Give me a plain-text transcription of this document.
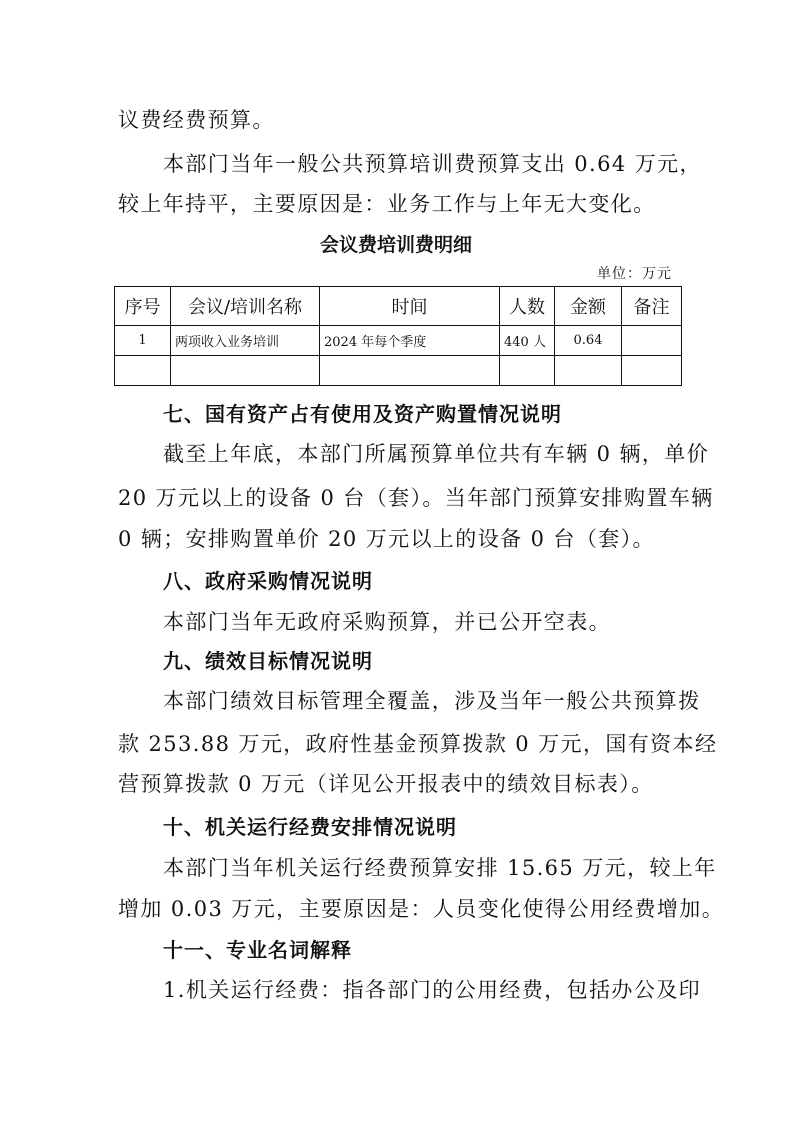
议费经费预算。
本部门当年一般公共预算培训费预算支出 0.64 万元，
较上年持平，主要原因是：业务工作与上年无大变化。
会议费培训费明细
单位：万元
序号	会议/培训名称	时间	人数	金额	备注
1	两项收入业务培训	2024 年每个季度	440 人	0.64	

七、国有资产占有使用及资产购置情况说明
截至上年底，本部门所属预算单位共有车辆 0 辆，单价
20 万元以上的设备 0 台（套）。当年部门预算安排购置车辆
0 辆；安排购置单价 20 万元以上的设备 0 台（套）。
八、政府采购情况说明
本部门当年无政府采购预算，并已公开空表。
九、绩效目标情况说明
本部门绩效目标管理全覆盖，涉及当年一般公共预算拨
款 253.88 万元，政府性基金预算拨款 0 万元，国有资本经
营预算拨款 0 万元（详见公开报表中的绩效目标表）。
十、机关运行经费安排情况说明
本部门当年机关运行经费预算安排 15.65 万元，较上年
增加 0.03 万元，主要原因是：人员变化使得公用经费增加。
十一、专业名词解释
1.机关运行经费：指各部门的公用经费，包括办公及印
